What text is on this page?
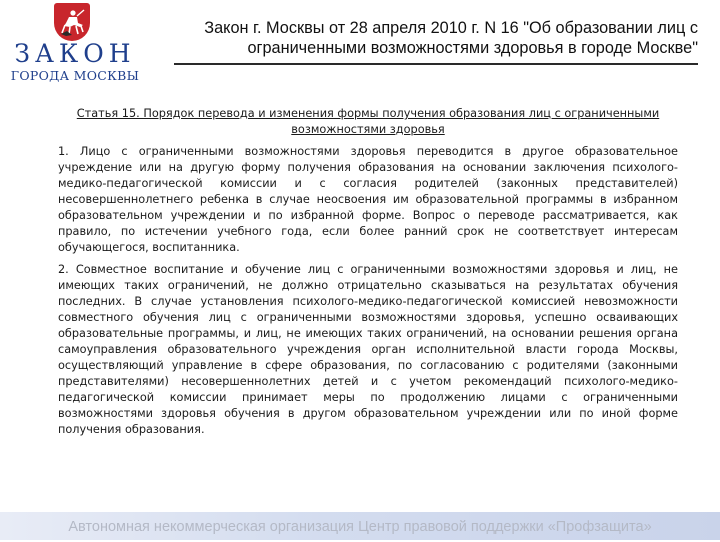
ЗАКОН
ГОРОДА МОСКВЫ
Закон г. Москвы от 28 апреля 2010 г. N 16 "Об образовании лиц с ограниченными возможностями здоровья в городе Москве"

Статья 15. Порядок перевода и изменения формы получения образования лиц с ограниченными возможностями здоровья

1. Лицо с ограниченными возможностями здоровья переводится в другое образовательное учреждение или на другую форму получения образования на основании заключения психолого-медико-педагогической комиссии и с согласия родителей (законных представителей) несовершеннолетнего ребенка в случае неосвоения им образовательной программы в избранном образовательном учреждении и по избранной форме. Вопрос о переводе рассматривается, как правило, по истечении учебного года, если более ранний срок не соответствует интересам обучающегося, воспитанника.

2. Совместное воспитание и обучение лиц с ограниченными возможностями здоровья и лиц, не имеющих таких ограничений, не должно отрицательно сказываться на результатах обучения последних. В случае установления психолого-медико-педагогической комиссией невозможности совместного обучения лиц с ограниченными возможностями здоровья, успешно осваивающих образовательные программы, и лиц, не имеющих таких ограничений, на основании решения органа самоуправления образовательного учреждения орган исполнительной власти города Москвы, осуществляющий управление в сфере образования, по согласованию с родителями (законными представителями) несовершеннолетних детей и с учетом рекомендаций психолого-медико-педагогической комиссии принимает меры по продолжению лицами с ограниченными возможностями здоровья обучения в другом образовательном учреждении или по иной форме получения образования.

Автономная некоммерческая организация Центр правовой поддержки «Профзащита»
